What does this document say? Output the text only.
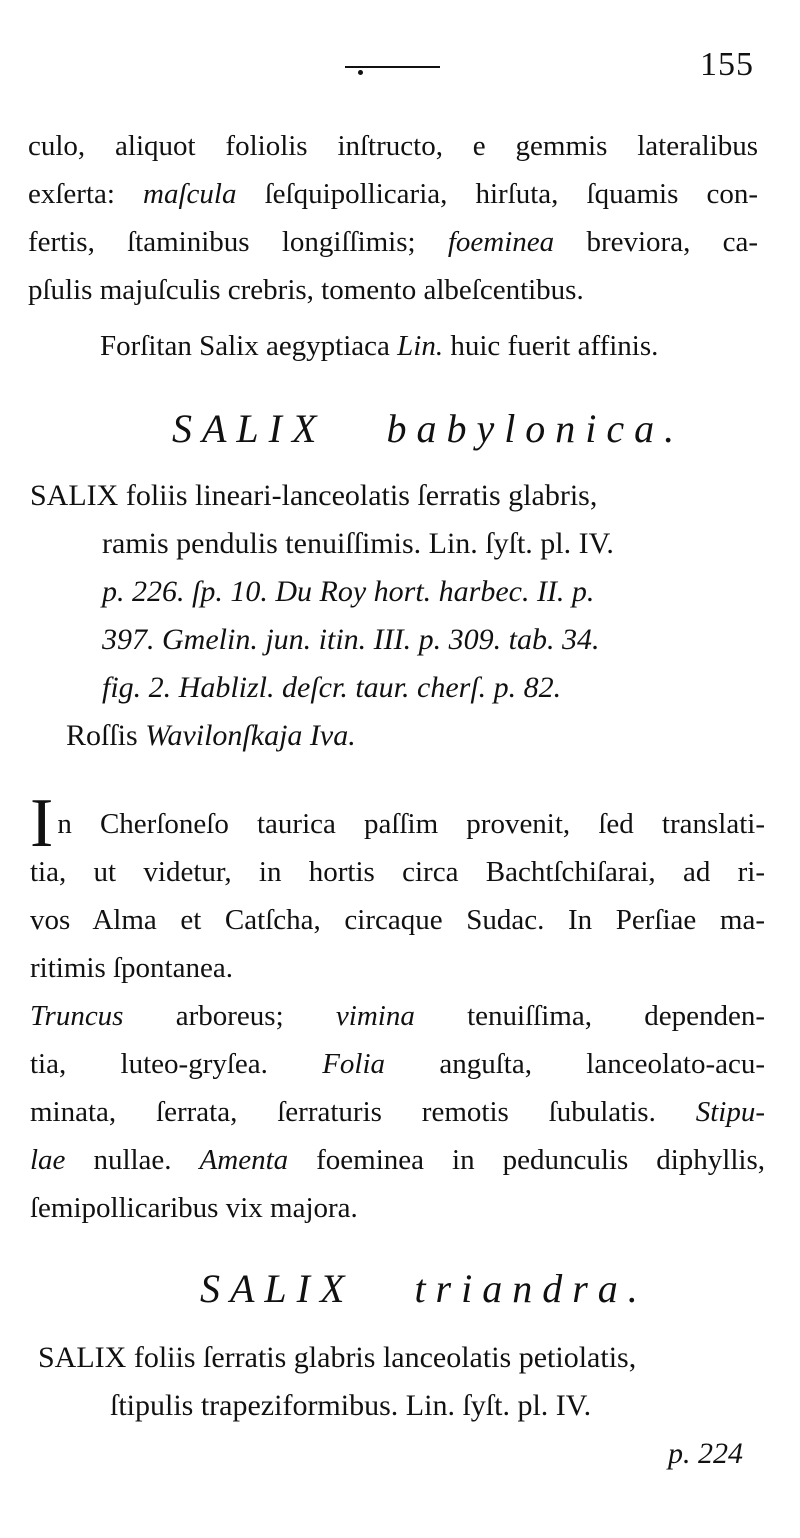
155
culo, aliquot foliolis inſtructo, e gemmis lateralibus
exſerta: maſcula ſeſquipollicaria, hirſuta, ſquamis con-
fertis, ſtaminibus longiſſimis; foeminea breviora, ca-
pſulis majuſculis crebris, tomento albeſcentibus.
Forſitan Salix aegyptiaca Lin. huic fuerit affinis.
SALIX babylonica.
SALIX foliis lineari-lanceolatis ſerratis glabris,
ramis pendulis tenuiſſimis. Lin. ſyſt. pl. IV.
p. 226. ſp. 10. Du Roy hort. harbec. II. p.
397. Gmelin. jun. itin. III. p. 309. tab. 34.
fig. 2. Hablizl. deſcr. taur. cherſ. p. 82.
Roſſis Wavilonſkaja Iva.
I n Cherſoneſo taurica paſſim provenit, ſed translati-
tia, ut videtur, in hortis circa Bachtſchiſarai, ad ri-
vos Alma et Catſcha, circaque Sudac. In Perſiae ma-
ritimis ſpontanea.
Truncus arboreus; vimina tenuiſſima, dependen-
tia, luteo-gryſea. Folia anguſta, lanceolato-acu-
minata, ſerrata, ſerraturis remotis ſubulatis. Stipu-
lae nullae. Amenta foeminea in pedunculis diphyllis,
ſemipollicaribus vix majora.
SALIX triandra.
SALIX foliis ſerratis glabris lanceolatis petiolatis,
ſtipulis trapeziformibus. Lin. ſyſt. pl. IV.
p. 224
